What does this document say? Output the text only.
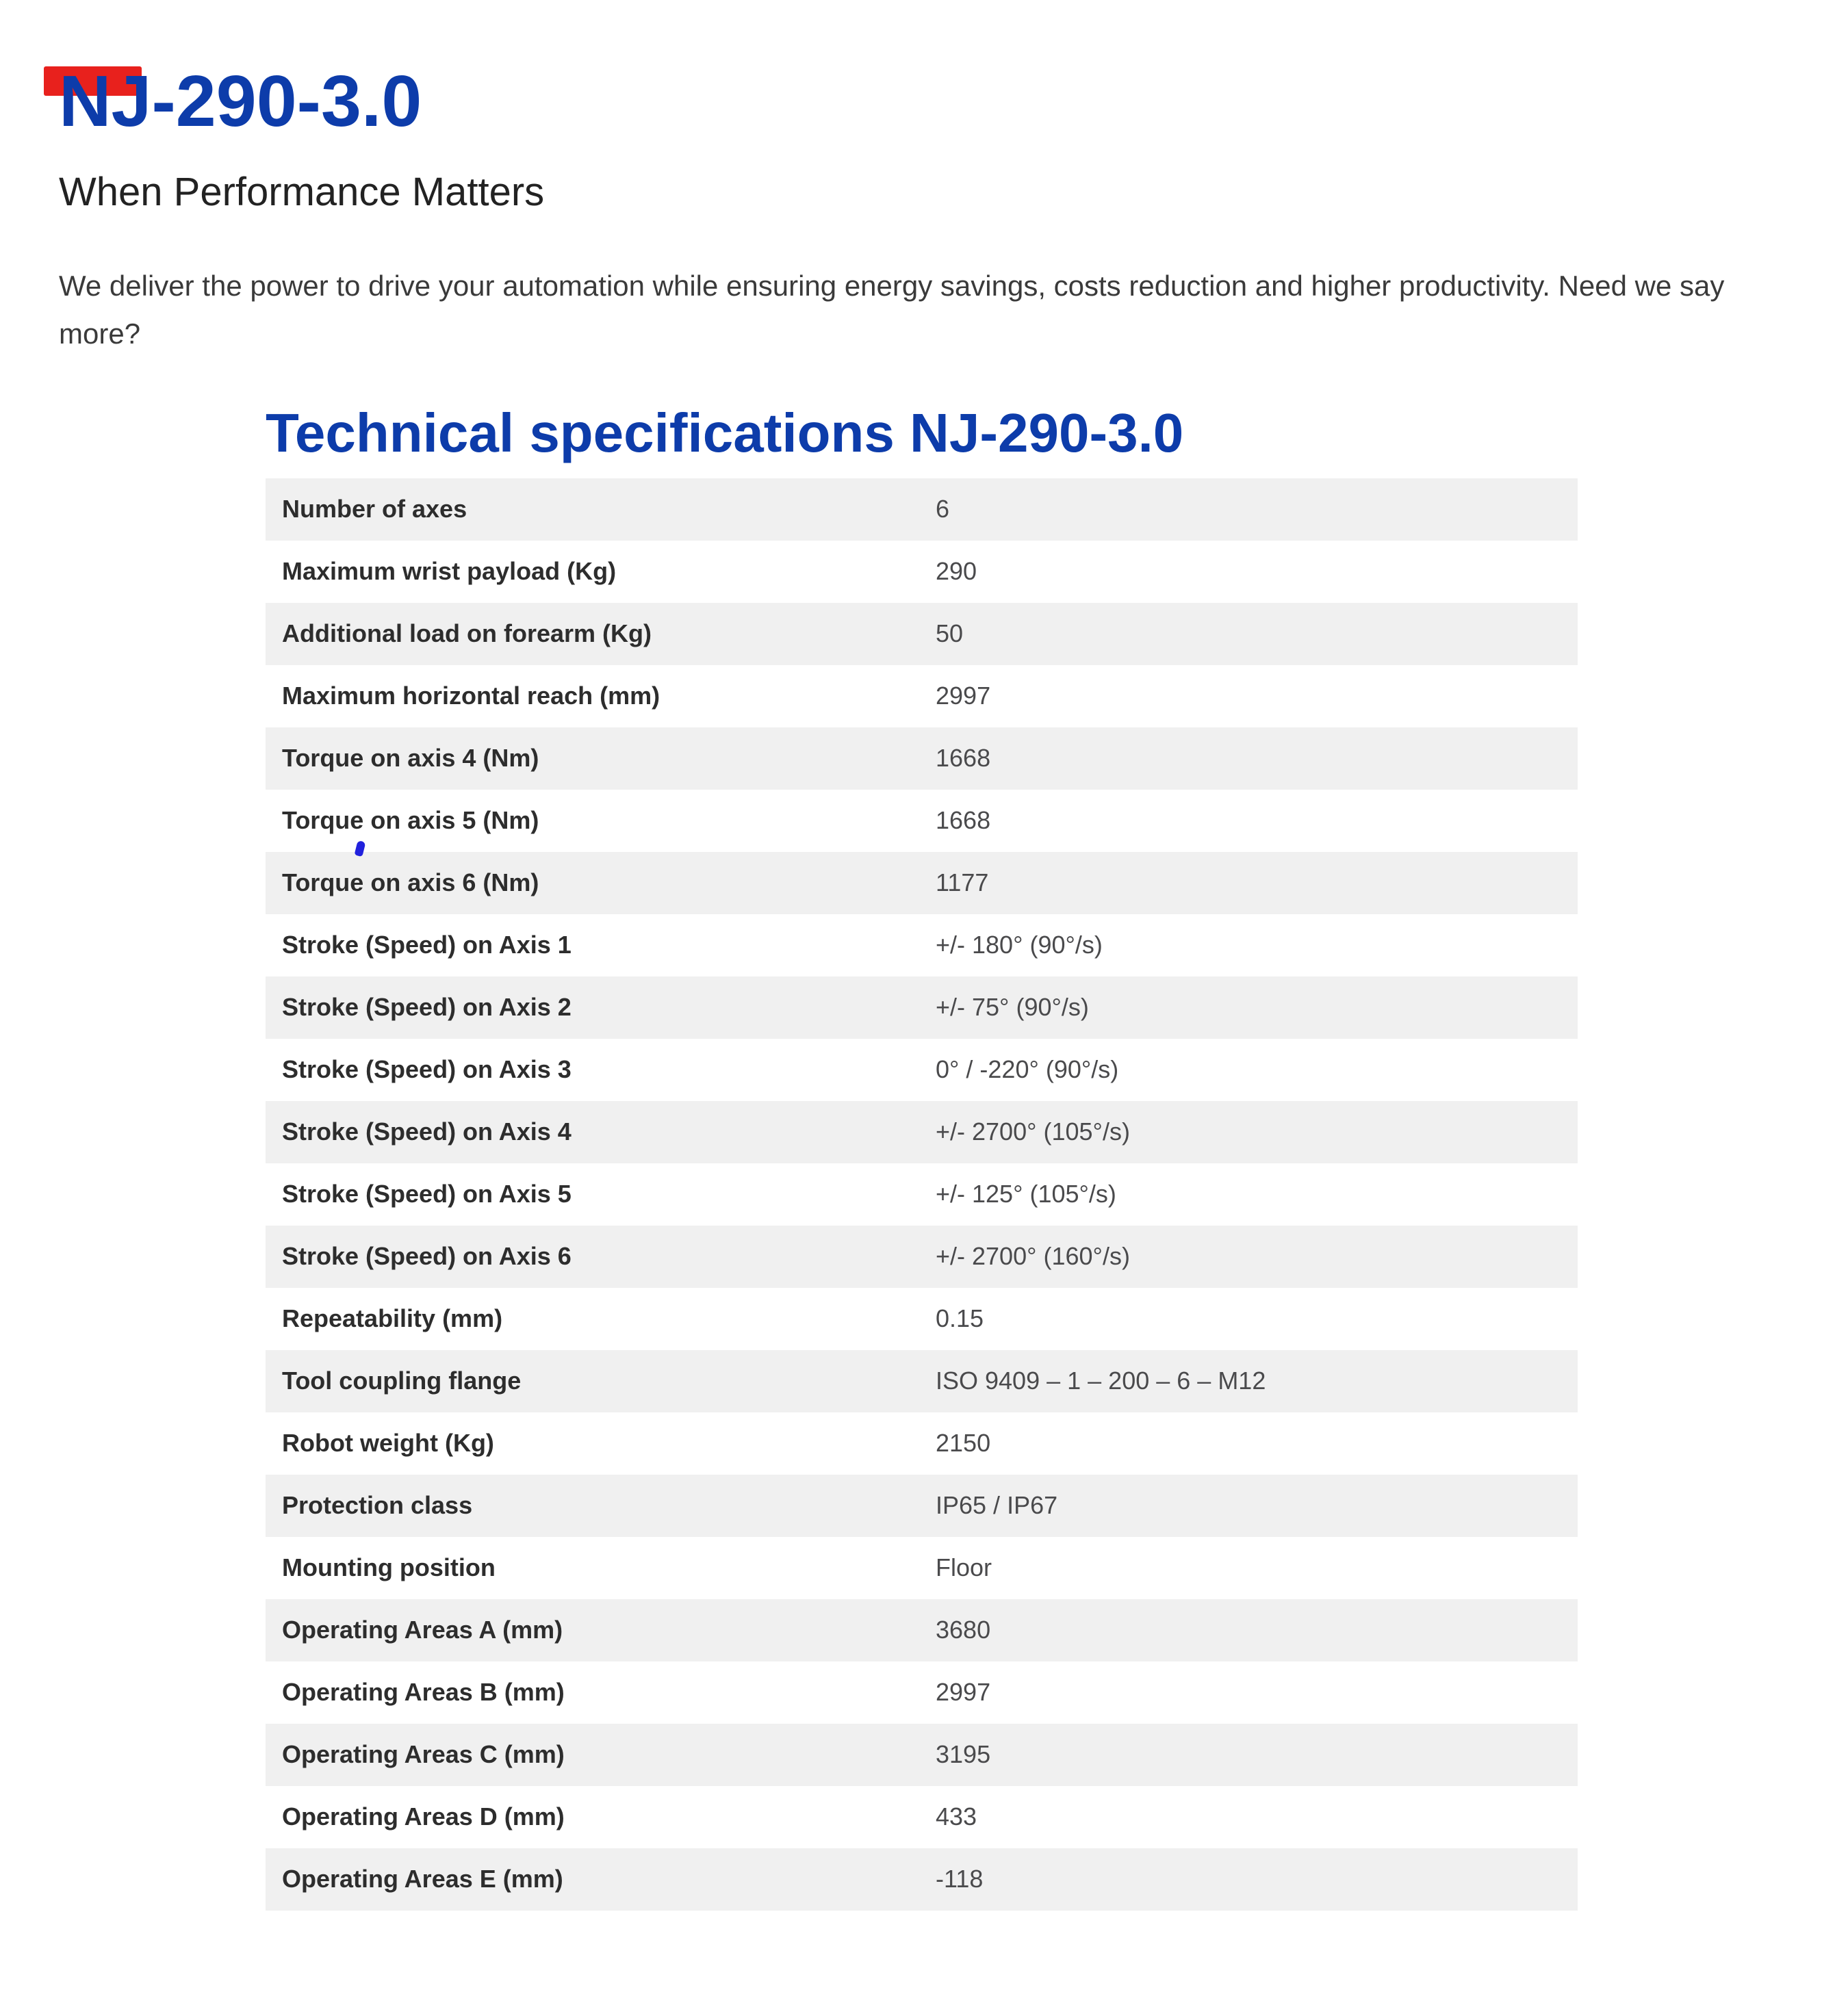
NJ-290-3.0
When Performance Matters

We deliver the power to drive your automation while ensuring energy savings, costs reduction and higher productivity. Need we say more?

Technical specifications NJ-290-3.0
Number of axes	6
Maximum wrist payload (Kg)	290
Additional load on forearm (Kg)	50
Maximum horizontal reach (mm)	2997
Torque on axis 4 (Nm)	1668
Torque on axis 5 (Nm)	1668
Torque on axis 6 (Nm)	1177
Stroke (Speed) on Axis 1	+/- 180° (90°/s)
Stroke (Speed) on Axis 2	+/- 75° (90°/s)
Stroke (Speed) on Axis 3	0° / -220° (90°/s)
Stroke (Speed) on Axis 4	+/- 2700° (105°/s)
Stroke (Speed) on Axis 5	+/- 125° (105°/s)
Stroke (Speed) on Axis 6	+/- 2700° (160°/s)
Repeatability (mm)	0.15
Tool coupling flange	ISO 9409 – 1 – 200 – 6 – M12
Robot weight (Kg)	2150
Protection class	IP65 / IP67
Mounting position	Floor
Operating Areas A (mm)	3680
Operating Areas B (mm)	2997
Operating Areas C (mm)	3195
Operating Areas D (mm)	433
Operating Areas E (mm)	-118
